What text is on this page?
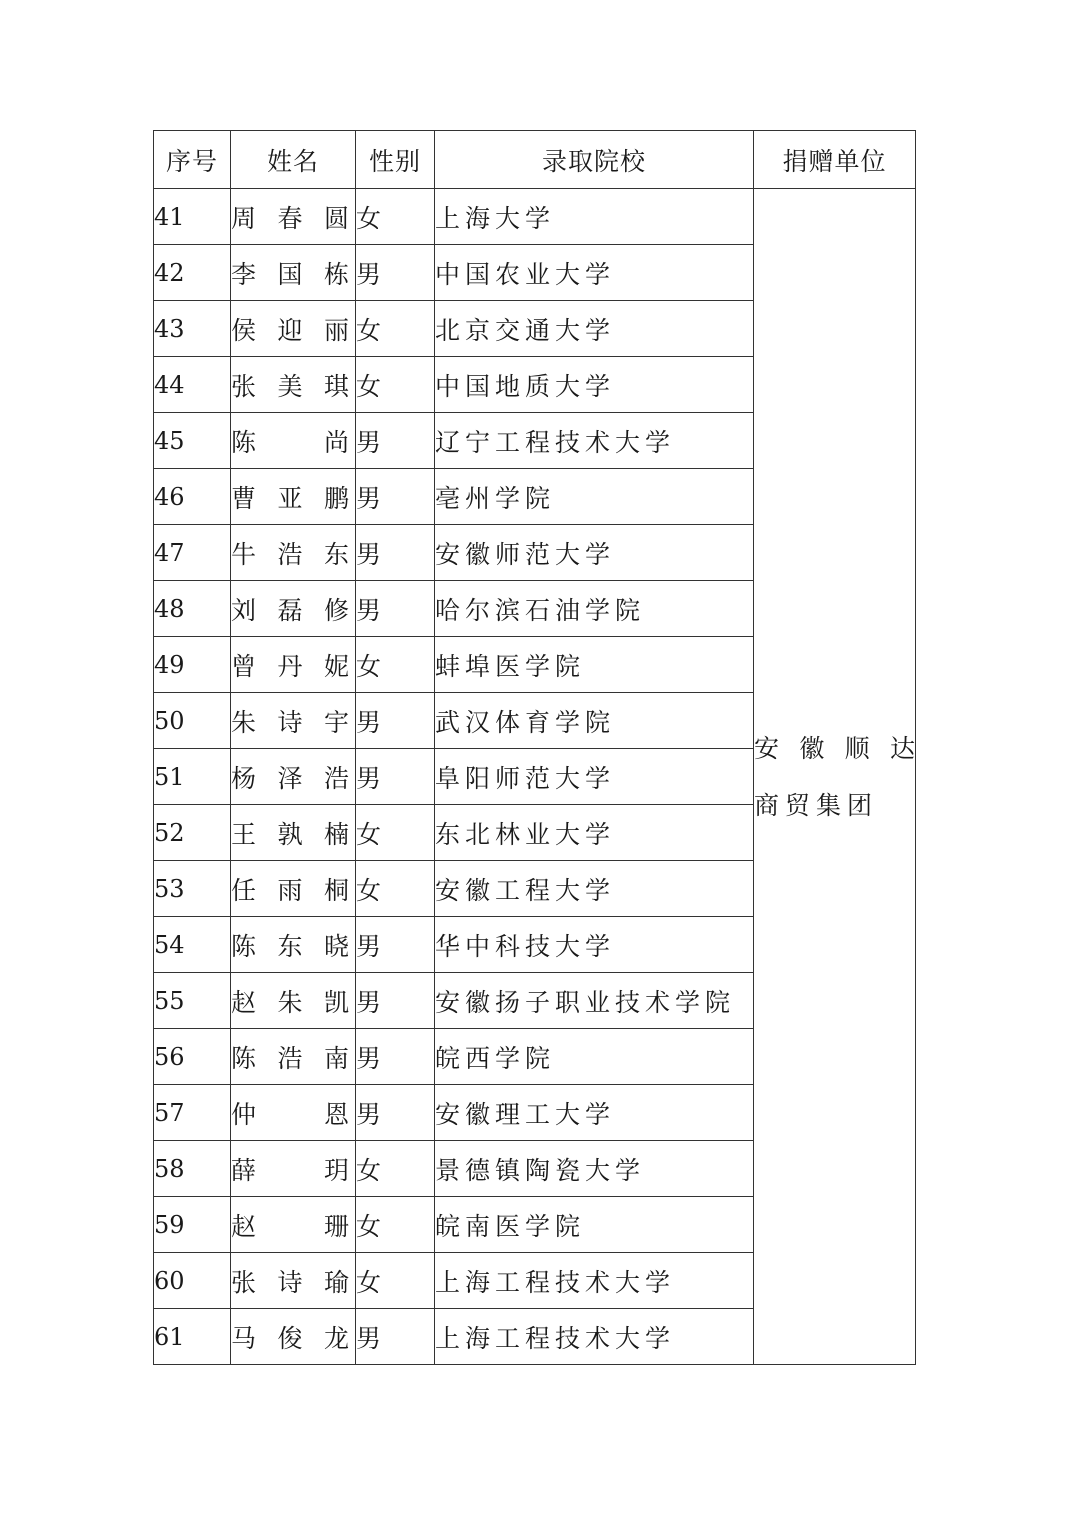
序号	姓名	性别	录取院校	捐赠单位
41	周春圆	女	上海大学	安徽顺达
商贸集团

42	李国栋	男	中国农业大学	
43	侯迎丽	女	北京交通大学	
44	张美琪	女	中国地质大学	
45	陈尚	男	辽宁工程技术大学	
46	曹亚鹏	男	亳州学院	
47	牛浩东	男	安徽师范大学	
48	刘磊修	男	哈尔滨石油学院	
49	曾丹妮	女	蚌埠医学院	
50	朱诗宇	男	武汉体育学院	
51	杨泽浩	男	阜阳师范大学	
52	王孰楠	女	东北林业大学	
53	任雨桐	女	安徽工程大学	
54	陈东晓	男	华中科技大学	
55	赵朱凯	男	安徽扬子职业技术学院	
56	陈浩南	男	皖西学院	
57	仲恩	男	安徽理工大学	
58	薛玥	女	景德镇陶瓷大学	
59	赵珊	女	皖南医学院	
60	张诗瑜	女	上海工程技术大学	
61	马俊龙	男	上海工程技术大学	
